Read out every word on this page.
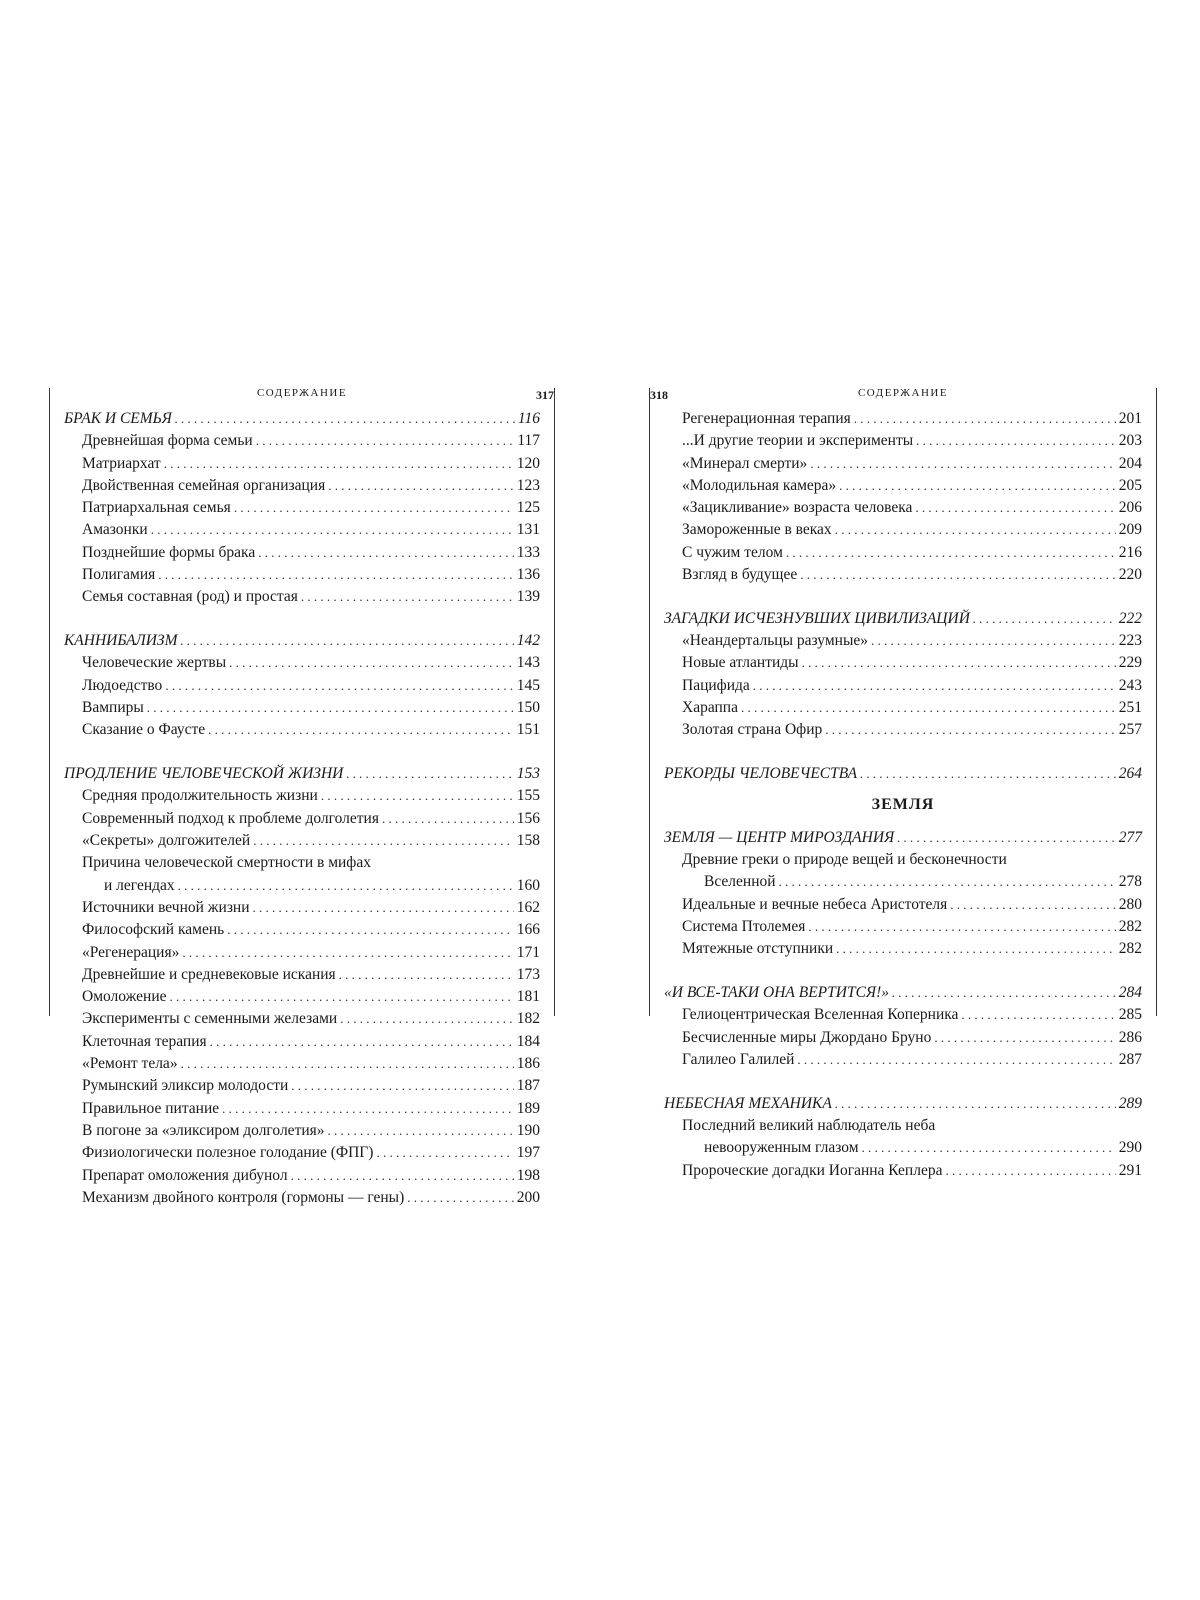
СОДЕРЖАНИЕ	317
БРАК И СЕМЬЯ . . .	116
Древнейшая форма семьи . . .	117
Матриархат . . .	120
Двойственная семейная организация . . .	123
Патриархальная семья . . .	125
Амазонки . . .	131
Позднейшие формы брака . . .	133
Полигамия . . .	136
Семья составная (род) и простая . . .	139
КАННИБАЛИЗМ . . .	142
Человеческие жертвы . . .	143
Людоедство . . .	145
Вампиры . . .	150
Сказание о Фаусте . . .	151
ПРОДЛЕНИЕ ЧЕЛОВЕЧЕСКОЙ ЖИЗНИ . . .	153
Средняя продолжительность жизни . . .	155
Современный подход к проблеме долголетия . . .	156
«Секреты» долгожителей . . .	158
Причина человеческой смертности в мифах
и легендах . . .	160
Источники вечной жизни . . .	162
Философский камень . . .	166
«Регенерация» . . .	171
Древнейшие и средневековые искания . . .	173
Омоложение . . .	181
Эксперименты с семенными железами . . .	182
Клеточная терапия . . .	184
«Ремонт тела» . . .	186
Румынский эликсир молодости . . .	187
Правильное питание . . .	189
В погоне за «эликсиром долголетия» . . .	190
Физиологически полезное голодание (ФПГ) . . .	197
Препарат омоложения дибунол . . .	198
Механизм двойного контроля (гормоны — гены) . . .	200
318	СОДЕРЖАНИЕ
Регенерационная терапия . . .	201
...И другие теории и эксперименты . . .	203
«Минерал смерти» . . .	204
«Молодильная камера» . . .	205
«Зацикливание» возраста человека . . .	206
Замороженные в веках . . .	209
С чужим телом . . .	216
Взгляд в будущее . . .	220
ЗАГАДКИ ИСЧЕЗНУВШИХ ЦИВИЛИЗАЦИЙ . . .	222
«Неандертальцы разумные» . . .	223
Новые атлантиды . . .	229
Пацифида . . .	243
Хараппа . . .	251
Золотая страна Офир . . .	257
РЕКОРДЫ ЧЕЛОВЕЧЕСТВА . . .	264
ЗЕМЛЯ
ЗЕМЛЯ — ЦЕНТР МИРОЗДАНИЯ . . .	277
Древние греки о природе вещей и бесконечности
Вселенной . . .	278
Идеальные и вечные небеса Аристотеля . . .	280
Система Птолемея . . .	282
Мятежные отступники . . .	282
«И ВСЕ-ТАКИ ОНА ВЕРТИТСЯ!» . . .	284
Гелиоцентрическая Вселенная Коперника . . .	285
Бесчисленные миры Джордано Бруно . . .	286
Галилео Галилей . . .	287
НЕБЕСНАЯ МЕХАНИКА . . .	289
Последний великий наблюдатель неба
невооруженным глазом . . .	290
Пророческие догадки Иоганна Кеплера . . .	291
